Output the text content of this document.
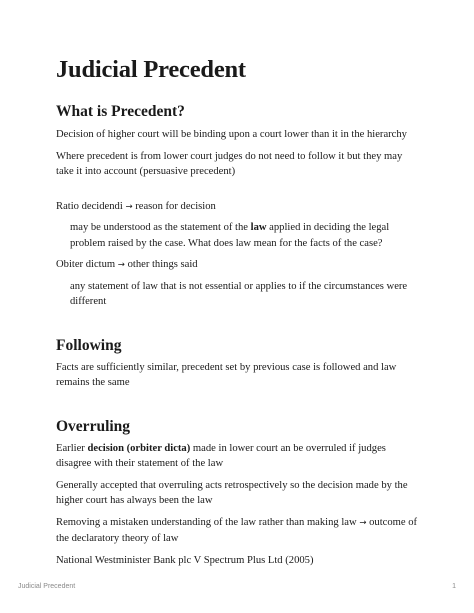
Judicial Precedent
What is Precedent?

Decision of higher court will be binding upon a court lower than it in the hierarchy

Where precedent is from lower court judges do not need to follow it but they may take it into account (persuasive precedent)

Ratio decidendi → reason for decision

may be understood as the statement of the law applied in deciding the legal problem raised by the case. What does law mean for the facts of the case?

Obiter dictum → other things said

any statement of law that is not essential or applies to if the circumstances were different

Following

Facts are sufficiently similar, precedent set by previous case is followed and law remains the same

Overruling

Earlier decision (orbiter dicta) made in lower court an be overruled if judges disagree with their statement of the law

Generally accepted that overruling acts retrospectively so the decision made by the higher court has always been the law

Removing a mistaken understanding of the law rather than making law → outcome of the declaratory theory of law

National Westminister Bank plc V Spectrum Plus Ltd (2005)

Judicial Precedent	1
